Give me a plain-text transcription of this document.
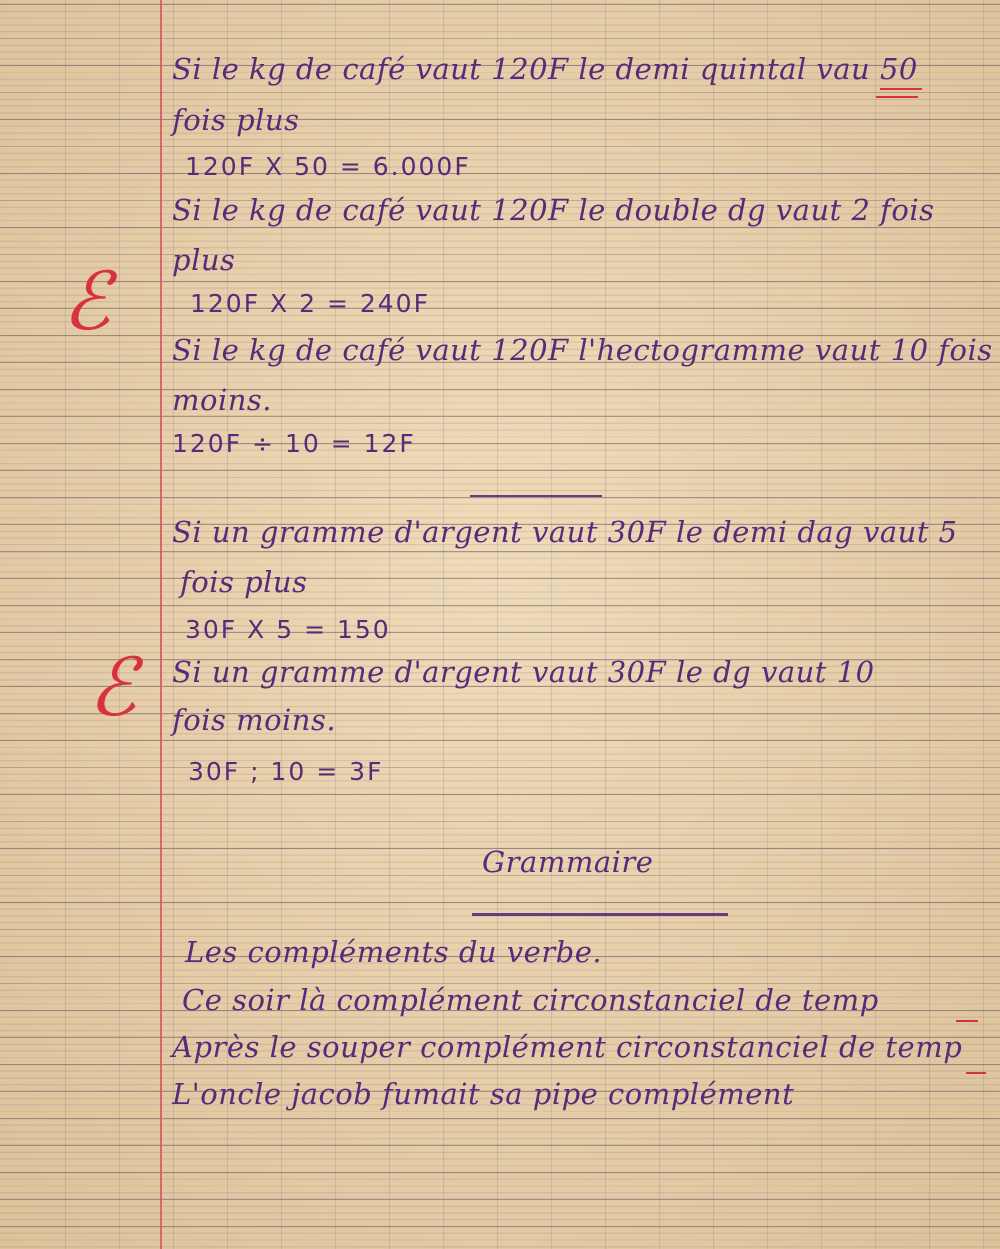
Si le kg de café vaut 120F le demi quintal vau 50
fois plus
120F X 50 = 6.000F
Si le kg de café vaut 120F le double dg vaut 2 fois
plus
120F X 2 = 240F
ℰ
Si le kg de café vaut 120F l'hectogramme vaut 10 fois
moins.
120F ÷ 10 = 12F
Si un gramme d'argent vaut 30F le demi dag vaut 5
fois plus
30F X 5 = 150
ℰ Si un gramme d'argent vaut 30F le dg vaut 10
fois moins.
30F ; 10 = 3F
Grammaire
Les compléments du verbe.
Ce soir là complément circonstanciel de temp
Après le souper complément circonstanciel de temp
L'oncle jacob fumait sa pipe complément
